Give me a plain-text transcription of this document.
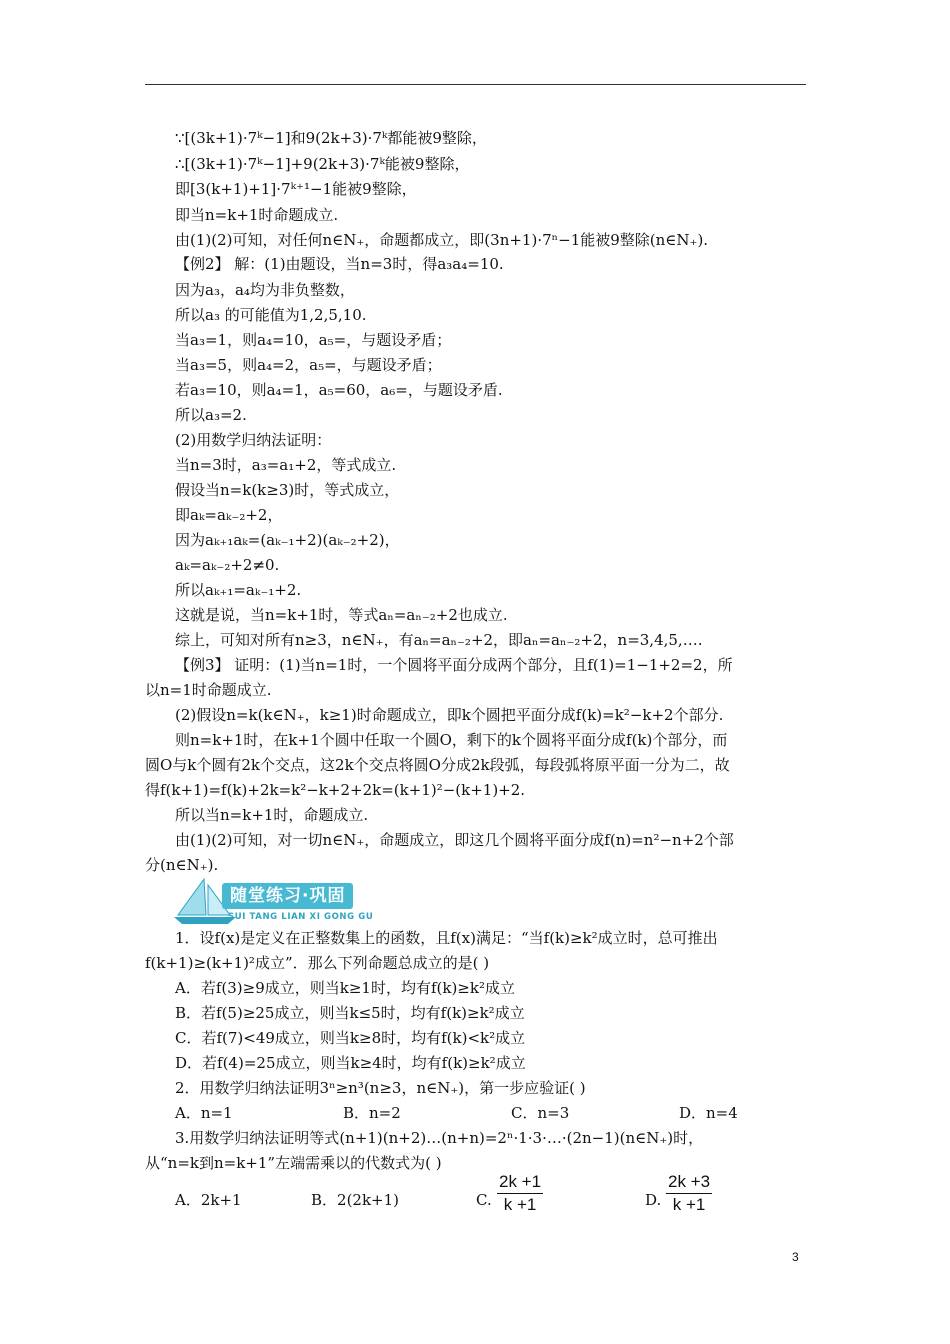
∵[(3k+1)·7ᵏ−1]和9(2k+3)·7ᵏ都能被9整除，
∴[(3k+1)·7ᵏ−1]+9(2k+3)·7ᵏ能被9整除，
即[3(k+1)+1]·7ᵏ⁺¹−1能被9整除，
即当n=k+1时命题成立.
由(1)(2)可知，对任何n∈N₊，命题都成立，即(3n+1)·7ⁿ−1能被9整除(n∈N₊).
【例2】 解：(1)由题设，当n=3时，得a₃a₄=10.
因为a₃，a₄均为非负整数，
所以a₃ 的可能值为1,2,5,10.
当a₃=1，则a₄=10，a₅=，与题设矛盾；
当a₃=5，则a₄=2，a₅=，与题设矛盾；
若a₃=10，则a₄=1，a₅=60，a₆=，与题设矛盾.
所以a₃=2.
(2)用数学归纳法证明：
当n=3时，a₃=a₁+2，等式成立.
假设当n=k(k≥3)时，等式成立，
即aₖ=aₖ₋₂+2，
因为aₖ₊₁aₖ=(aₖ₋₁+2)(aₖ₋₂+2)，
aₖ=aₖ₋₂+2≠0.
所以aₖ₊₁=aₖ₋₁+2.
这就是说，当n=k+1时，等式aₙ=aₙ₋₂+2也成立.
综上，可知对所有n≥3，n∈N₊，有aₙ=aₙ₋₂+2，即aₙ=aₙ₋₂+2，n=3,4,5,….
【例3】 证明：(1)当n=1时，一个圆将平面分成两个部分，且f(1)=1−1+2=2，所
以n=1时命题成立.
(2)假设n=k(k∈N₊，k≥1)时命题成立，即k个圆把平面分成f(k)=k²−k+2个部分.
则n=k+1时，在k+1个圆中任取一个圆O，剩下的k个圆将平面分成f(k)个部分，而
圆O与k个圆有2k个交点，这2k个交点将圆O分成2k段弧，每段弧将原平面一分为二，故
得f(k+1)=f(k)+2k=k²−k+2+2k=(k+1)²−(k+1)+2.
所以当n=k+1时，命题成立.
由(1)(2)可知，对一切n∈N₊，命题成立，即这几个圆将平面分成f(n)=n²−n+2个部
分(n∈N₊).
1．设f(x)是定义在正整数集上的函数，且f(x)满足：“当f(k)≥k²成立时，总可推出
f(k+1)≥(k+1)²成立”．那么下列命题总成立的是( )
A．若f(3)≥9成立，则当k≥1时，均有f(k)≥k²成立
B．若f(5)≥25成立，则当k≤5时，均有f(k)≥k²成立
C．若f(7)<49成立，则当k≥8时，均有f(k)<k²成立
D．若f(4)=25成立，则当k≥4时，均有f(k)≥k²成立
2．用数学归纳法证明3ⁿ≥n³(n≥3，n∈N₊)，第一步应验证( )
A．n=1	B．n=2	C．n=3	D．n=4
3.用数学归纳法证明等式(n+1)(n+2)…(n+n)=2ⁿ·1·3·…·(2n−1)(n∈N₊)时，
从“n=k到n=k+1”左端需乘以的代数式为( )
A．2k+1	B．2(2k+1)	C.	D.
随堂练习·巩固
SUI TANG LIAN XI GONG GU
$\frac{2k +1}{k +1}$	$\frac{2k +3}{k +1}$
3
